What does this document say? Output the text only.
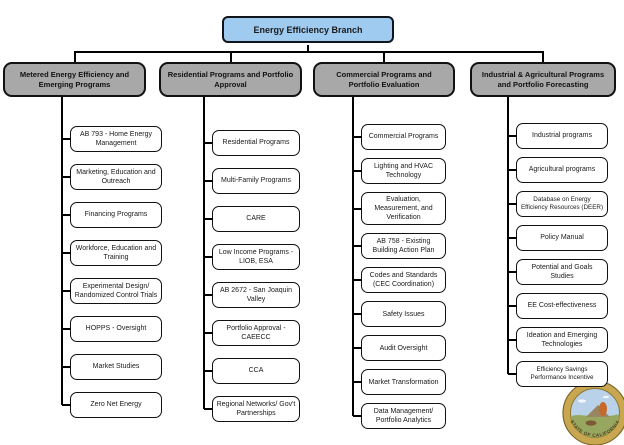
STATE OF CALIFORNIA
Energy Efficiency Branch
Metered Energy Efficiency and Emerging Programs
Residential Programs and Portfolio Approval
Commercial Programs and Portfolio Evaluation
Industrial & Agricultural Programs and Portfolio Forecasting
AB 793 - Home Energy Management
Marketing, Education and Outreach
Financing Programs
Workforce, Education and Training
Experimental Design/ Randomized Control Trials
HOPPS - Oversight
Market Studies
Zero Net Energy
Residential Programs
Multi-Family Programs
CARE
Low Income Programs - LIOB, ESA
AB 2672 - San Joaquin Valley
Portfolio Approval - CAEECC
CCA
Regional Networks/ Gov't Partnerships
Commercial Programs
Lighting and HVAC Technology
Evaluation, Measurement, and Verification
AB 758 - Existing Building Action Plan
Codes and Standards (CEC Coordination)
Safety Issues
Audit Oversight
Market Transformation
Data Management/ Portfolio Analytics
Industrial programs
Agricultural programs
Database on Energy Efficiency Resources (DEER)
Policy Manual
Potential and Goals Studies
EE Cost-effectiveness
Ideation and Emerging Technologies
Efficiency Savings Performance Incentive
